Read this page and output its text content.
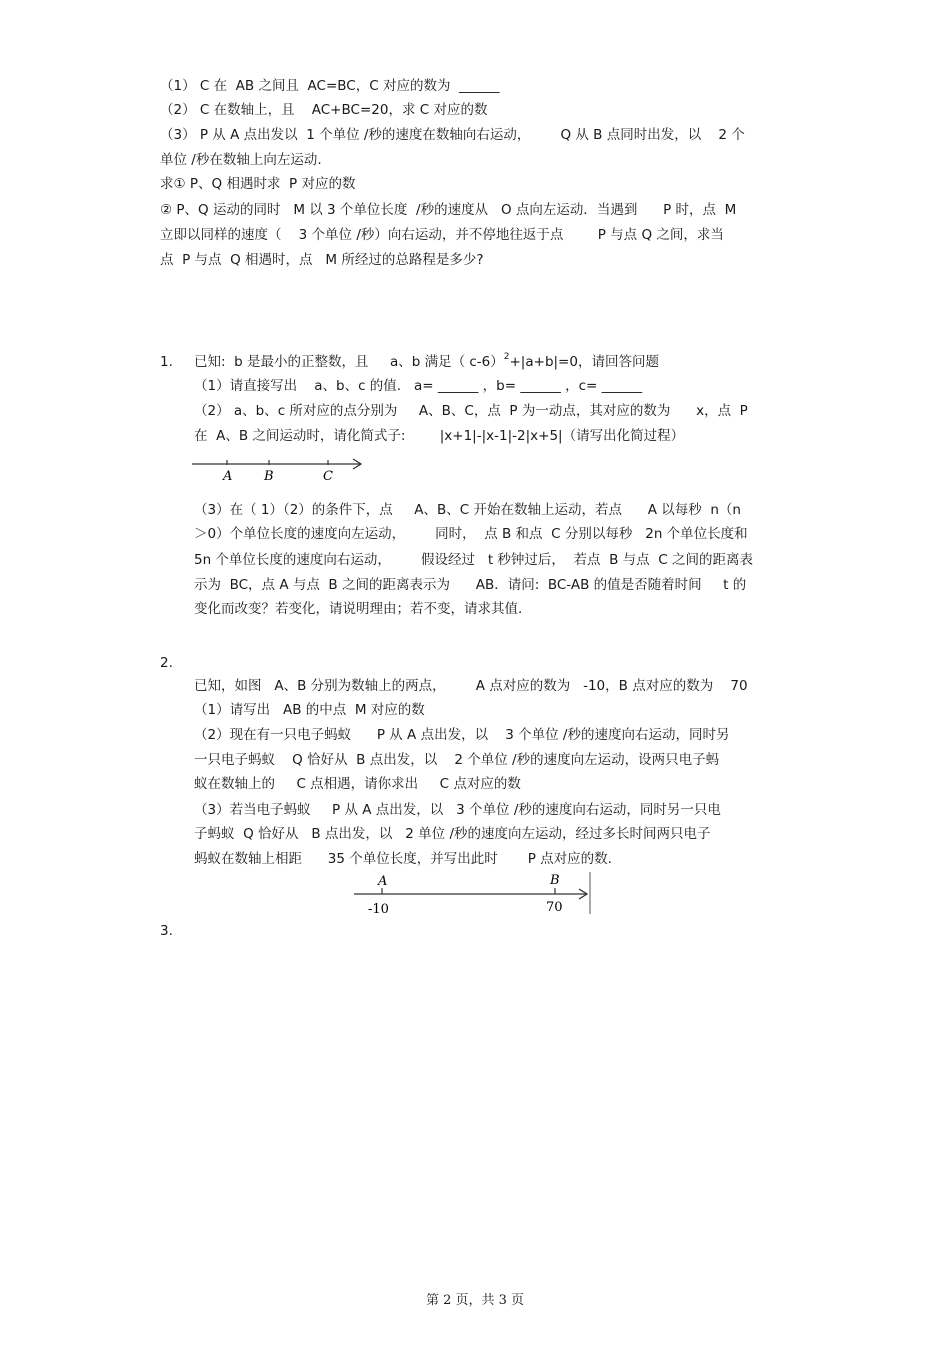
（1） C 在  AB 之间且  AC=BC，C 对应的数为  ______
（2） C 在数轴上，且    AC+BC=20，求 C 对应的数
（3） P 从 A 点出发以  1 个单位 /秒的速度在数轴向右运动，       Q 从 B 点同时出发，以    2 个
单位 /秒在数轴上向左运动.
求① P、Q 相遇时求  P 对应的数
② P、Q 运动的同时   M 以 3 个单位长度  /秒的速度从   O 点向左运动．当遇到      P 时，点  M
立即以同样的速度（    3 个单位 /秒）向右运动，并不停地往返于点        P 与点 Q 之间，求当
点  P 与点  Q 相遇时，点   M 所经过的总路程是多少?
1. 已知:  b 是最小的正整数，且     a、b 满足（ c-6）$^2$+|a+b|=0，请回答问题
（1）请直接写出    a、b、c 的值.   a= ______ ，b= ______ ，c= ______
（2） a、b、c 所对应的点分别为     A、B、C，点  P 为一动点，其对应的数为      x，点  P
在  A、B 之间运动时，请化简式子:        |x+1|-|x-1|-2|x+5|（请写出化简过程）
A B	C
（3）在（ 1）（2）的条件下，点     A、B、C 开始在数轴上运动，若点      A 以每秒  n（n
＞0）个单位长度的速度向左运动，       同时，  点 B 和点  C 分别以每秒   2n 个单位长度和
5n 个单位长度的速度向右运动，       假设经过   t 秒钟过后，  若点  B 与点  C 之间的距离表
示为  BC，点 A 与点  B 之间的距离表示为      AB．请问:  BC-AB 的值是否随着时间     t 的
变化而改变？若变化，请说明理由；若不变，请求其值.
2.
已知，如图   A、B 分别为数轴上的两点，       A 点对应的数为   -10，B 点对应的数为    70
（1）请写出   AB 的中点  M 对应的数
（2）现在有一只电子蚂蚁      P 从 A 点出发，以    3 个单位 /秒的速度向右运动，同时另
一只电子蚂蚁    Q 恰好从  B 点出发，以    2 个单位 /秒的速度向左运动，设两只电子蚂
蚁在数轴上的     C 点相遇，请你求出     C 点对应的数
（3）若当电子蚂蚁     P 从 A 点出发，以   3 个单位 /秒的速度向右运动，同时另一只电
子蚂蚁  Q 恰好从   B 点出发，以   2 单位 /秒的速度向左运动，经过多长时间两只电子
蚂蚁在数轴上相距      35 个单位长度，并写出此时       P 点对应的数.
A	B
-10	70
3.
第 2 页，共 3 页
